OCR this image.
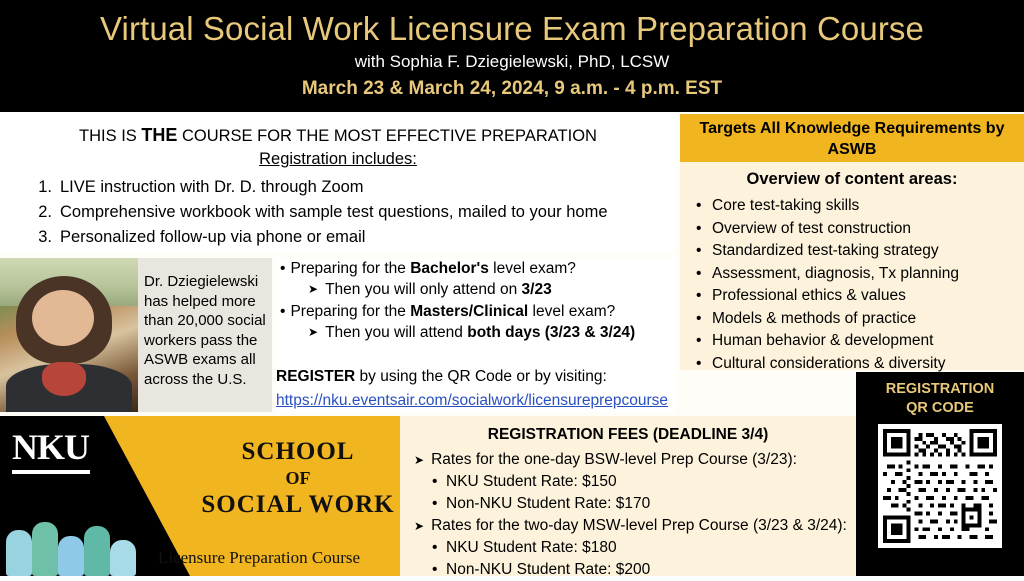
Virtual Social Work Licensure Exam Preparation Course
with Sophia F. Dziegielewski, PhD, LCSW
March 23 & March 24, 2024, 9 a.m. - 4 p.m. EST
THIS IS THE COURSE FOR THE MOST EFFECTIVE PREPARATION
Registration includes:
1. LIVE instruction with Dr. D. through Zoom
2. Comprehensive workbook with sample test questions, mailed to your home
3. Personalized follow-up via phone or email
Dr. Dziegielewski has helped more than 20,000 social workers pass the ASWB exams all across the U.S.
• Preparing for the Bachelor's level exam?
➤ Then you will only attend on 3/23
• Preparing for the Masters/Clinical level exam?
➤ Then you will attend both days (3/23 & 3/24)
REGISTER by using the QR Code or by visiting:
https://nku.eventsair.com/socialwork/licensureprepcourse
Targets All Knowledge Requirements by ASWB
Overview of content areas:
• Core test-taking skills
• Overview of test construction
• Standardized test-taking strategy
• Assessment, diagnosis, Tx planning
• Professional ethics & values
• Models & methods of practice
• Human behavior & development
• Cultural considerations & diversity
REGISTRATION
QR CODE
NKU	SCHOOL
OF
SOCIAL WORK
Licensure Preparation Course
REGISTRATION FEES (DEADLINE 3/4)
➤ Rates for the one-day BSW-level Prep Course (3/23):
• NKU Student Rate: $150
• Non-NKU Student Rate: $170
➤ Rates for the two-day MSW-level Prep Course (3/23 & 3/24):
• NKU Student Rate: $180
• Non-NKU Student Rate: $200
